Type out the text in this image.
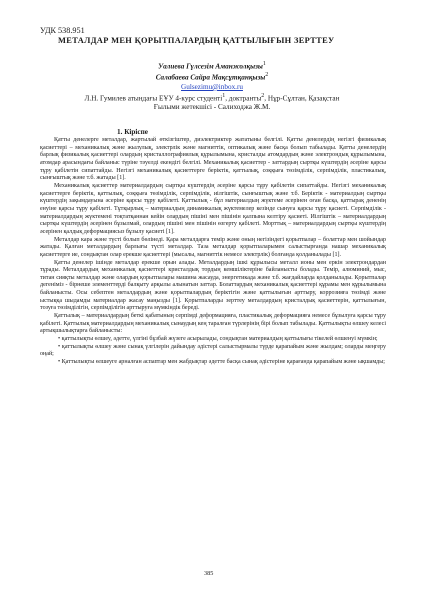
УДК 538.951
МЕТАЛДАР МЕН ҚОРЫТПАЛАРДЫҢ ҚАТТЫЛЫҒЫН ЗЕРТТЕУ
Уалиева Гүлсезім Аманжолқызы$^1$
Салабаева Сайра Мақсұтқанқызы$^2$
Gulsezimu@inbox.ru
Л.Н. Гумилев атындағы ЕҰУ 4-курс студенті$^1$, доктранты$^2$, Нұр-Сұлтан, Қазақстан
Ғылыми жетекшісі - Салиходжа Ж.М.
1. Кіріспе

Қатты денелерге металдар, жартылай өткізгіштер, диэлектриктер жататыны белгілі. Қатты денелердің негізгі физикалық қасиеттері – механикалық және жылулық, электрлік және магниттік, оптикалық және басқа болып табылады. Қатты денелердің барлық физикалық қасиеттері олардың кристаллографиялық құрылымына, кристалды атомдардың және электрондық құрылымына, атомдар арасындағы байланыс түріне тәуелді екендігі белгілі. Механикалық қасиеттер - заттардың сыртқы күштердің әсеріне қарсы тұру қабілетін сипаттайды. Негізгі механикалық қасиеттерге беріктік, қаттылық, соққыға төзімділік, серпімділік, пластикалық, сынғыштық және т.б. жатады [1].

Механикалық қасиеттер материалдардың сыртқы күштердің әсеріне қарсы тұру қабілетін сипаттайды. Негізгі механикалық қасиеттерге беріктік, қаттылық, соққыға төзімділік, серпімділік, иілгіштік, сынғыштық және т.б. Беріктік - материалдың сыртқы күштердің зақымдауына әсеріне қарсы тұру қабілеті. Қаттылық - бұл материалдың жүктеме әсерінен оған басқа, қаттырақ дененің енуіне қарсы тұру қабілеті. Тұтқырлық – материалдың динамикалық жүктемелер кезінде сынуға қарсы тұру қасиеті. Серпімділік - материалдардың жүктемені тоқтатқаннан кейін олардың пішіні мен пішінін қалпына келтіру қасиеті. Иілгіштік – материалдардың сыртқы күштердің әсерінен бұзылмай, олардың пішіні мен пішінін өзгерту қабілеті. Морттық – материалдардың сыртқы күштердің әсерінен қалдық деформациясыз бұзылу қасиеті [1].

Металдар кара және түсті болып бөлінеді. Қара металдарға темір және оның негізіндегі қорытпалар – болаттар мен шойындар жатады. Қалған металдардың барлығы түсті металдар. Таза металдар қорытпаларымен салыстырғанда нашар механикалық қасиеттерге ие, сондықтан олар ерекше қасиеттері (мысалы, магниттік немесе электрлік) болғанда қолданылады [1].

Қатты денелер ішінде металдар ерекше орын алады. Металдардың ішкі құрылысы металл ионы мен еркін электрондардан тұрады. Металдардың механикалық қасиеттері кристалдық тордың кемшіліктеріне байланысты болады. Темір, алюминий, мыс, титан сияқты металдар және олардың қорытпалары машина жасауда, энергетикада және т.б. жағдайларда қолданылады. Қорытпалар дегеніміз - бірнеше элементтерді балқыту арқылы алынатын заттар. Болаттардың механикалық қасиеттері құрамы мен құрылымына байланысты. Осы себептен металдардың және қорытпалардың беріктігін және қаттылығын арттыру, коррозияға төзімді және ыстыққа шыдамды материалдар жасау маңызды [1]. Қорытпаларды зерттеу металдардың кристалдық қасиеттерін, қаттылығын, тозуға төзімділігін, серпімділігін арттыруға мүмкіндік береді.

Қаттылық – материалдардың беткі қабатының серпімді деформацияға, пластикалық деформацияға немесе бұзылуға қарсы тұру қабілеті. Қаттылық материалдардың механикалық сынаудың кең таралған түрлерінің бірі болып табылады. Қаттылықты өлшеу келесі артықшылықтарға байланысты:

• қаттылықты өлшеу, әдетте, үлгіні бұзбай жүзеге асырылады, сондықтан материалдың қаттылығы тікелей өлшенуі мүмкін;

• қаттылықты өлшеу және сынақ үлгілерін дайындау әдістері салыстырмалы түрде қарапайым және жылдам; оларды меңгеру оңай;

• Қаттылықты өлшеуге арналған аспаптар мен жабдықтар әдетте басқа сынақ әдістеріне қарағанда қарапайым және ықшамды;

385
